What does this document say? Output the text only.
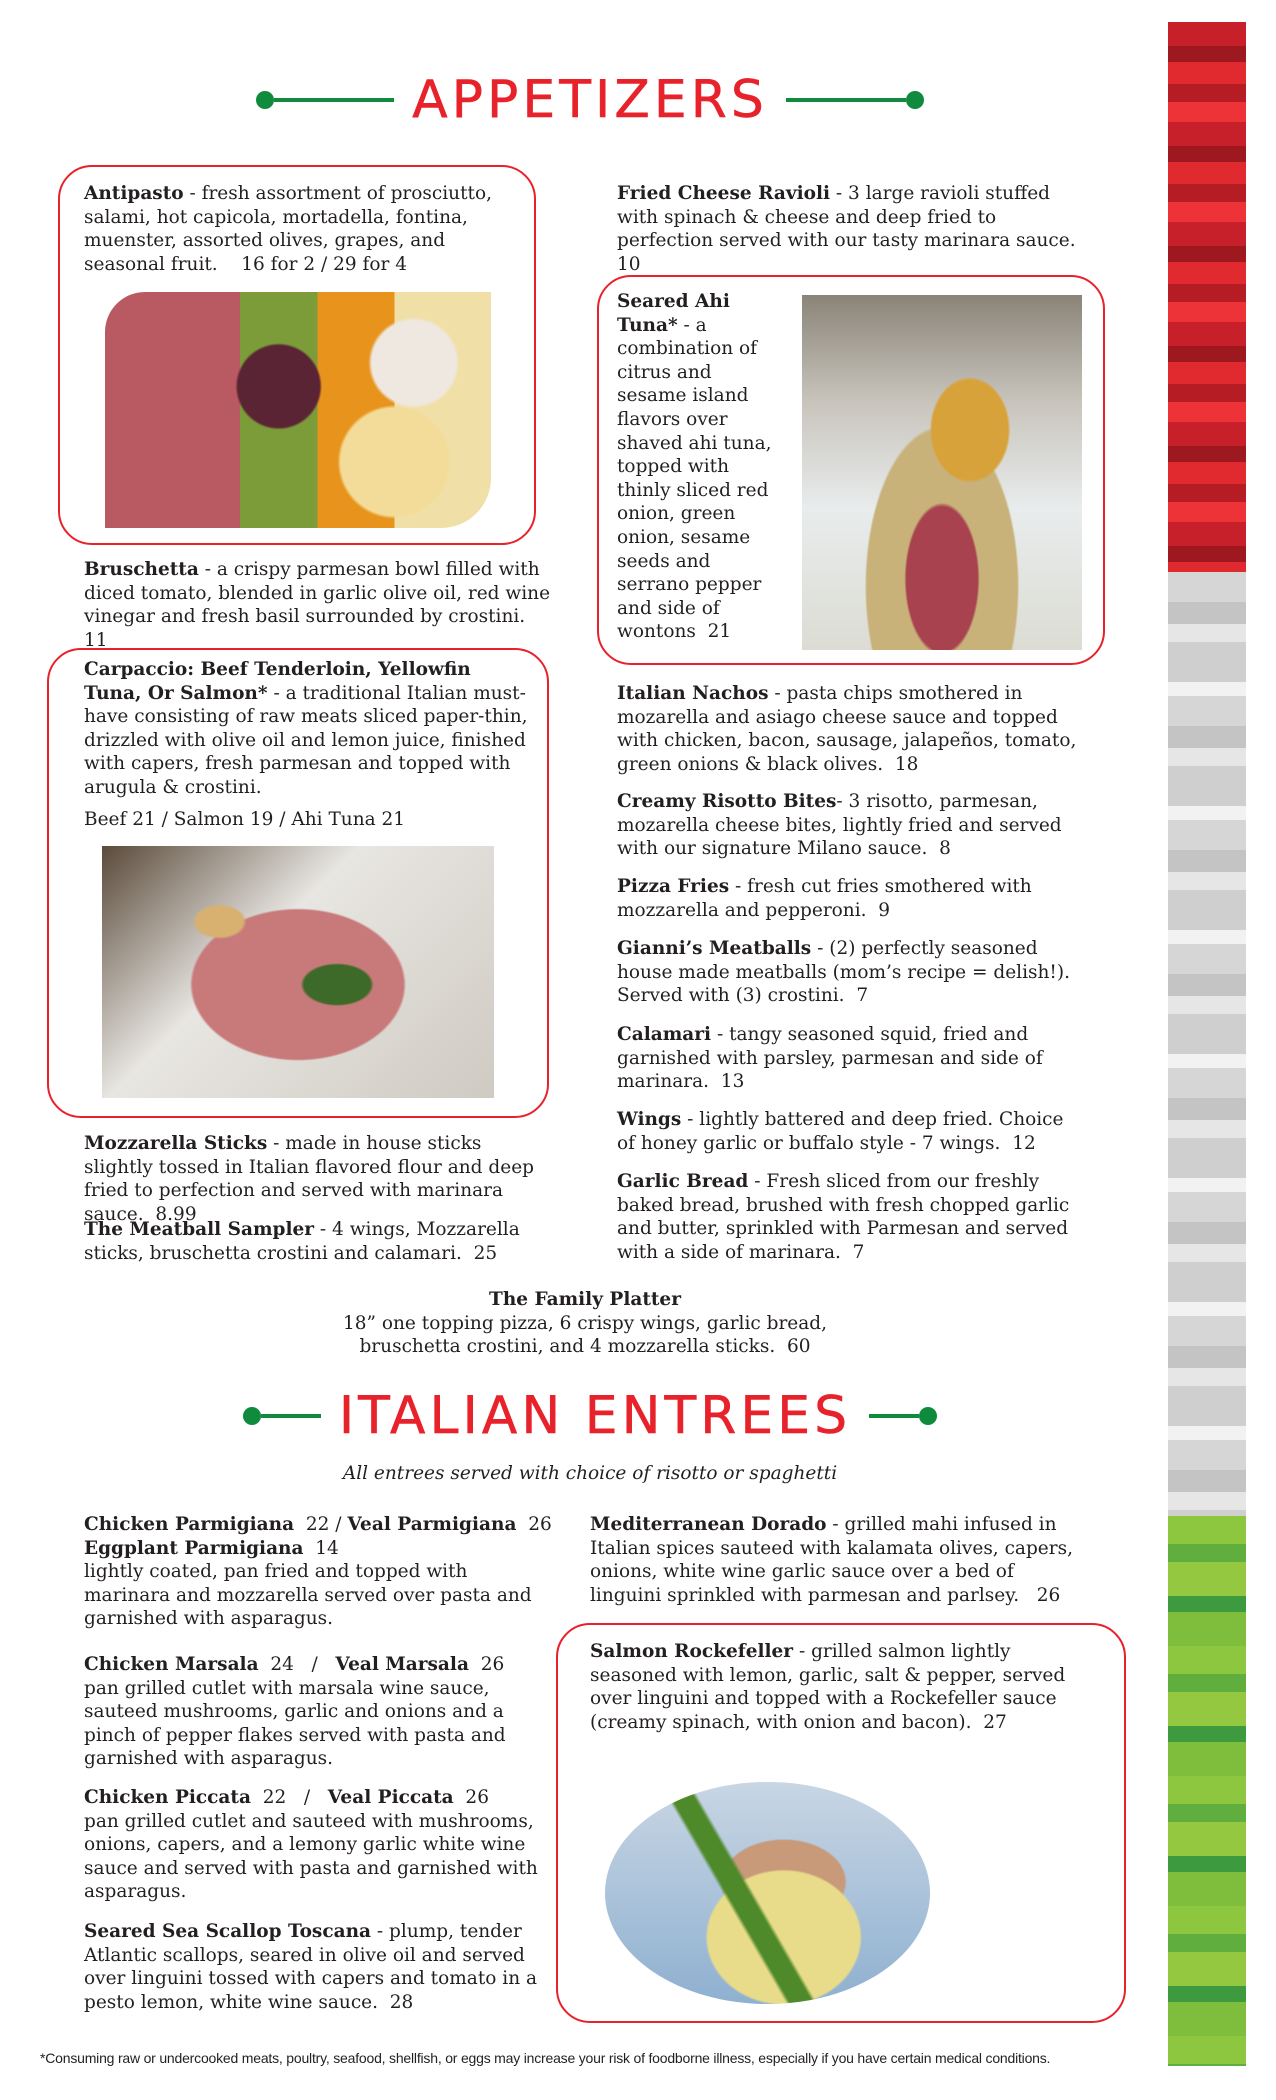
APPETIZERS
Antipasto - fresh assortment of prosciutto, salami, hot capicola, mortadella, fontina, muenster, assorted olives, grapes, and seasonal fruit. 16 for 2 / 29 for 4
Bruschetta - a crispy parmesan bowl filled with diced tomato, blended in garlic olive oil, red wine vinegar and fresh basil surrounded by crostini.  11

Carpaccio: Beef Tenderloin, Yellowfin Tuna, Or Salmon* - a traditional Italian must-have consisting of raw meats sliced paper-thin, drizzled with olive oil and lemon juice, finished with capers, fresh parmesan and topped with arugula & crostini.

Beef 21 / Salmon 19 / Ahi Tuna 21

Mozzarella Sticks - made in house sticks slightly tossed in Italian flavored flour and deep fried to perfection and served with marinara sauce. 8.99
The Meatball Sampler - 4 wings, Mozzarella sticks, bruschetta crostini and calamari. 25
Fried Cheese Ravioli - 3 large ravioli stuffed with spinach & cheese and deep fried to perfection served with our tasty marinara sauce.  10
Seared Ahi Tuna* - a combination of citrus and sesame island flavors over shaved ahi tuna, topped with thinly sliced red onion, green onion, sesame seeds and serrano pepper and side of wontons 21
Italian Nachos - pasta chips smothered in mozarella and asiago cheese sauce and topped with chicken, bacon, sausage, jalapeños, tomato, green onions & black olives. 18
Creamy Risotto Bites- 3 risotto, parmesan, mozarella cheese bites, lightly fried and served with our signature Milano sauce. 8
Pizza Fries - fresh cut fries smothered with mozzarella and pepperoni. 9
Gianni’s Meatballs - (2) perfectly seasoned house made meatballs (mom’s recipe = delish!). Served with (3) crostini. 7
Calamari - tangy seasoned squid, fried and garnished with parsley, parmesan and side of marinara. 13
Wings - lightly battered and deep fried. Choice of honey garlic or buffalo style - 7 wings. 12
Garlic Bread - Fresh sliced from our freshly baked bread, brushed with fresh chopped garlic and butter, sprinkled with Parmesan and served with a side of marinara. 7

The Family Platter

18” one topping pizza, 6 crispy wings, garlic bread, bruschetta crostini, and 4 mozzarella sticks. 60

ITALIAN ENTREES
All entrees served with choice of risotto or spaghetti

Chicken Parmigiana 22 / Veal Parmigiana 26

Eggplant Parmigiana 14

lightly coated, pan fried and topped with marinara and mozzarella served over pasta and garnished with asparagus.

Chicken Marsala 24   /   Veal Marsala 26

pan grilled cutlet with marsala wine sauce, sauteed mushrooms, garlic and onions and a pinch of pepper flakes served with pasta and garnished with asparagus.

Chicken Piccata 22   /   Veal Piccata 26

pan grilled cutlet and sauteed with mushrooms, onions, capers, and a lemony garlic white wine sauce and served with pasta and garnished with asparagus.

Seared Sea Scallop Toscana - plump, tender Atlantic scallops, seared in olive oil and served over linguini tossed with capers and tomato in a pesto lemon, white wine sauce. 28
Mediterranean Dorado - grilled mahi infused in Italian spices sauteed with kalamata olives, capers, onions, white wine garlic sauce over a bed of linguini sprinkled with parmesan and parlsey. 26
Salmon Rockefeller - grilled salmon lightly seasoned with lemon, garlic, salt & pepper, served over linguini and topped with a Rockefeller sauce (creamy spinach, with onion and bacon). 27
*Consuming raw or undercooked meats, poultry, seafood, shellfish, or eggs may increase your risk of foodborne illness, especially if you have certain medical conditions.
